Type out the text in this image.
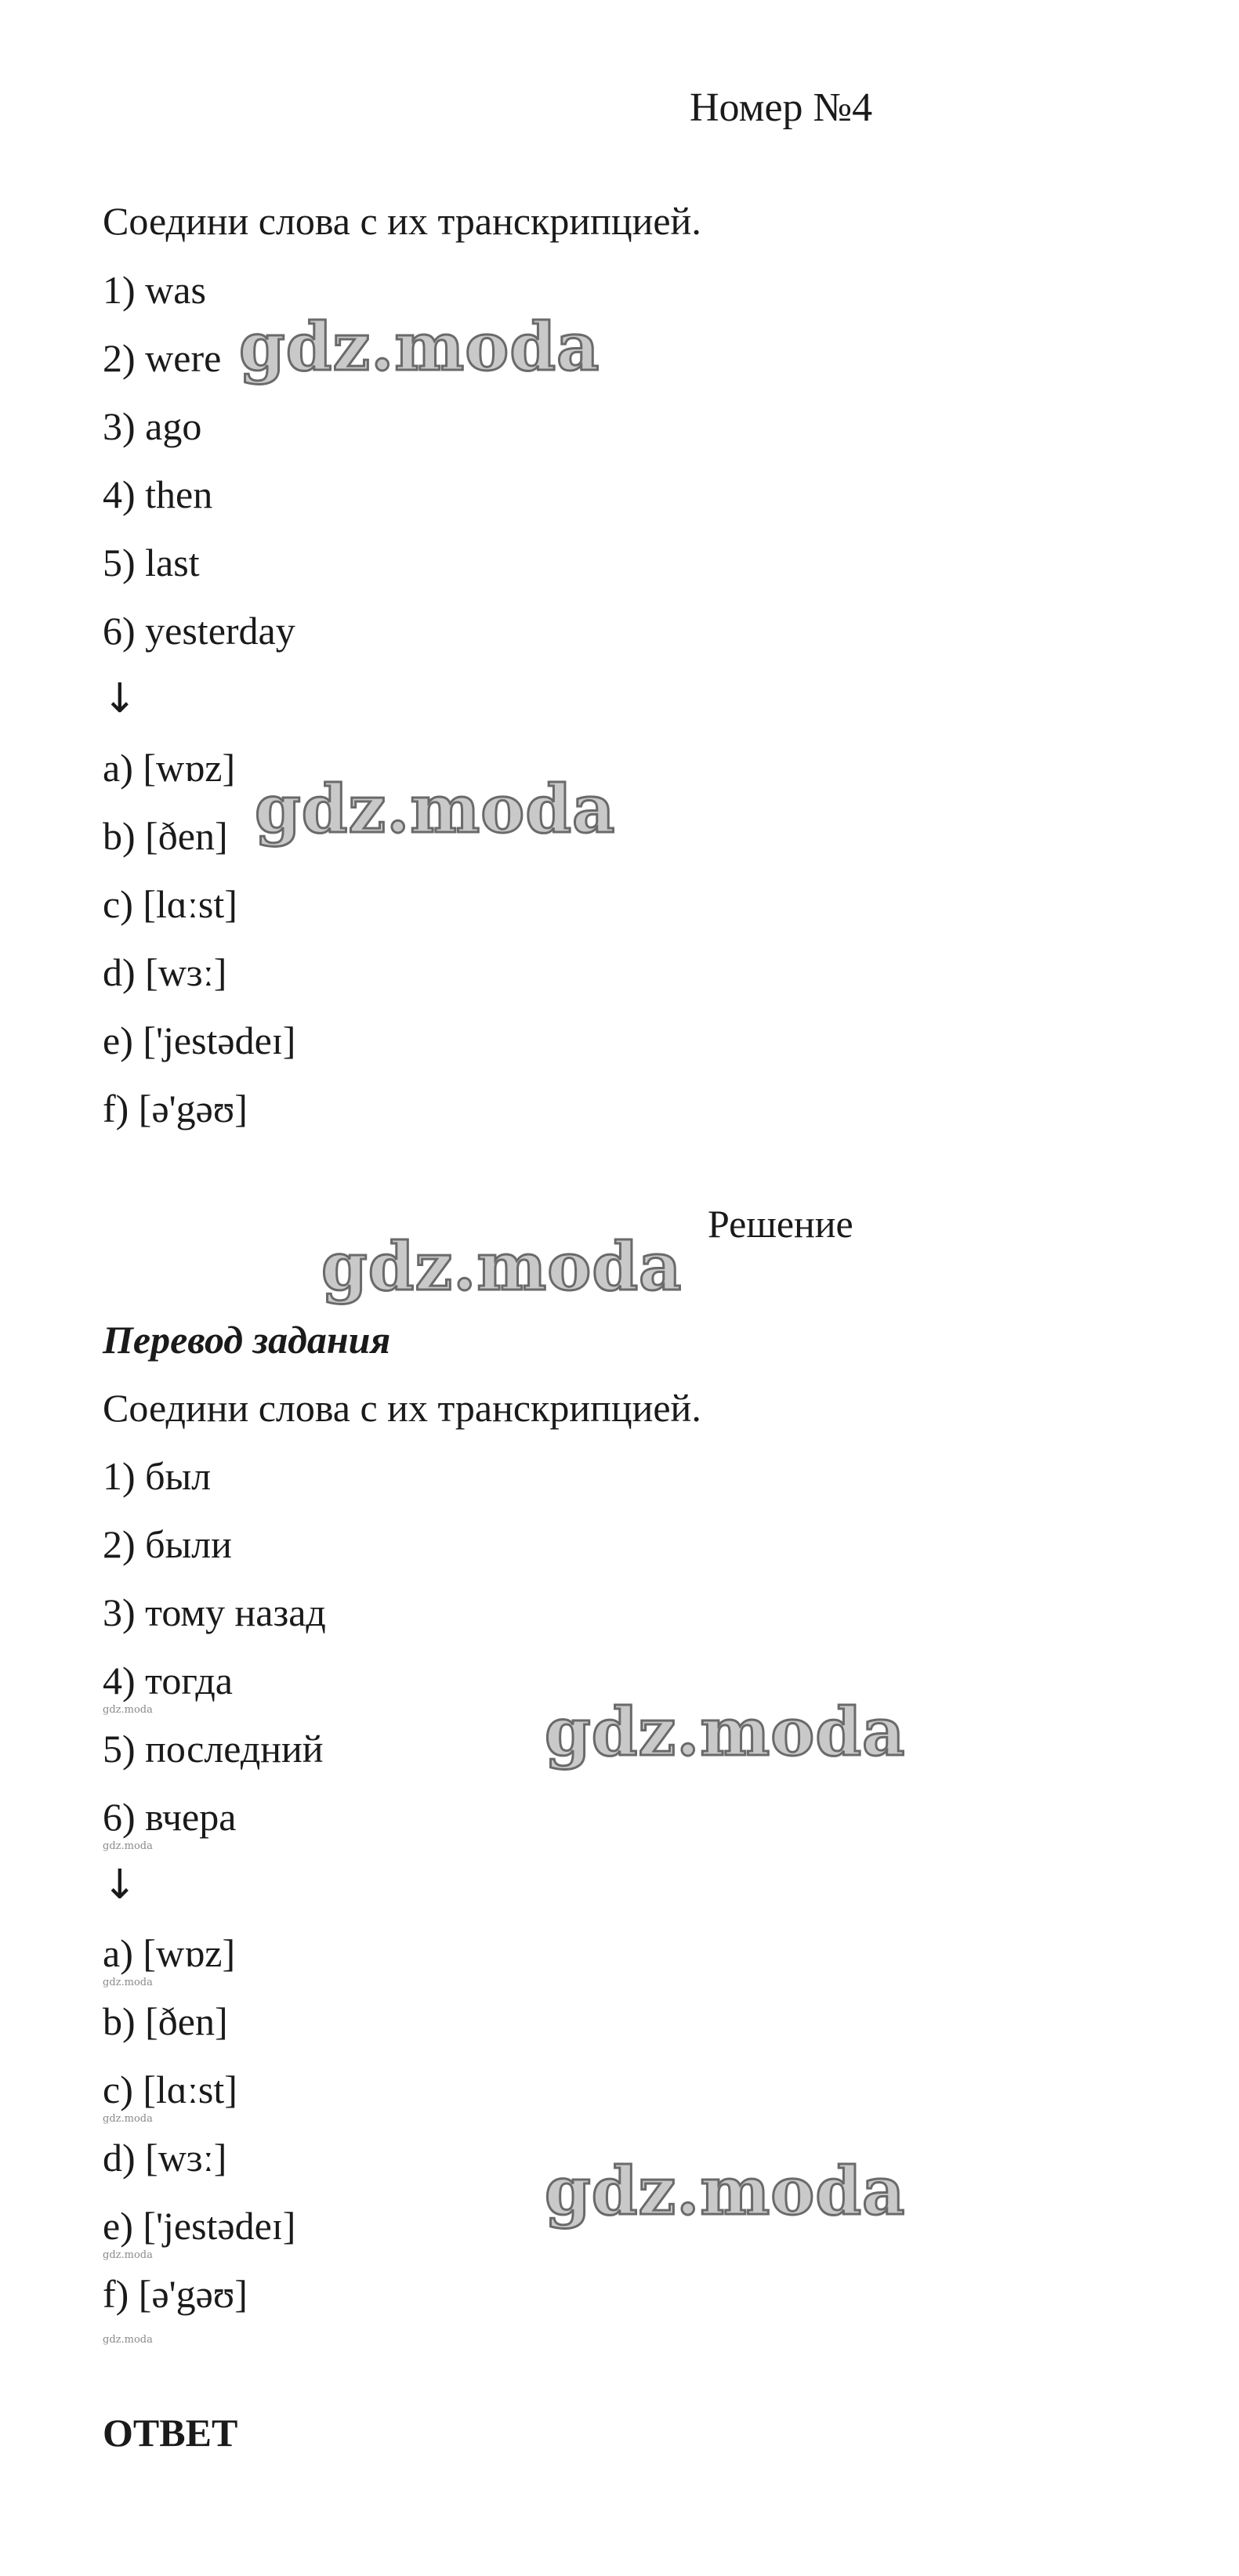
Номер №4
Соедини слова с их транскрипцией.
1) was
2) were
3) ago
4) then
5) last
6) yesterday
↓
a) [wɒz]
b) [ðen]
c) [lɑːst]
d) [wɜː]
e) ['jestədeɪ]
f) [ə'gəʊ]
Решение
Перевод задания
Соедини слова с их транскрипцией.
1) был
2) были
3) тому назад
4) тогда
5) последний
6) вчера
↓
a) [wɒz]
b) [ðen]
c) [lɑːst]
d) [wɜː]
e) ['jestədeɪ]
f) [ə'gəʊ]
ОТВЕТ
gdz.moda
gdz.moda
gdz.moda
gdz.moda
gdz.moda
gdz.moda
gdz.moda
gdz.moda
gdz.moda
gdz.moda
gdz.moda
